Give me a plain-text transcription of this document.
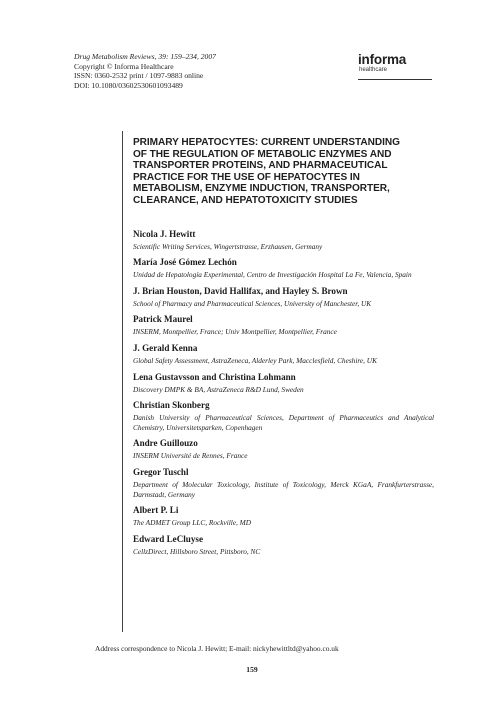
Drug Metabolism Reviews, 39: 159–234, 2007
Copyright © Informa Healthcare
ISSN: 0360-2532 print / 1097-9883 online
DOI: 10.1080/03602530601093489
informa
healthcare
PRIMARY HEPATOCYTES: CURRENT UNDERSTANDING
OF THE REGULATION OF METABOLIC ENZYMES AND
TRANSPORTER PROTEINS, AND PHARMACEUTICAL
PRACTICE FOR THE USE OF HEPATOCYTES IN
METABOLISM, ENZYME INDUCTION, TRANSPORTER,
CLEARANCE, AND HEPATOTOXICITY STUDIES
Nicola J. Hewitt
Scientific Writing Services, Wingertstrasse, Erzhausen, Germany
María José Gómez Lechón
Unidad de Hepatología Experimental, Centro de Investigación Hospital La Fe, Valencia, Spain
J. Brian Houston, David Hallifax, and Hayley S. Brown
School of Pharmacy and Pharmaceutical Sciences, University of Manchester, UK
Patrick Maurel
INSERM, Montpellier, France; Univ Montpellier, Montpellier, France
J. Gerald Kenna
Global Safety Assessment, AstraZeneca, Alderley Park, Macclesfield, Cheshire, UK
Lena Gustavsson and Christina Lohmann
Discovery DMPK & BA, AstraZeneca R&D Lund, Sweden
Christian Skonberg
Danish University of Pharmaceutical Sciences, Department of Pharmaceutics and Analytical Chemistry, Universitetsparken, Copenhagen
Andre Guillouzo
INSERM Université de Rennes, France
Gregor Tuschl
Department of Molecular Toxicology, Institute of Toxicology, Merck KGaA, Frankfurterstrasse, Darmstadt, Germany
Albert P. Li
The ADMET Group LLC, Rockville, MD
Edward LeCluyse
CellzDirect, Hillsboro Street, Pittsboro, NC
Address correspondence to Nicola J. Hewitt; E-mail: nickyhewittltd@yahoo.co.uk
159
